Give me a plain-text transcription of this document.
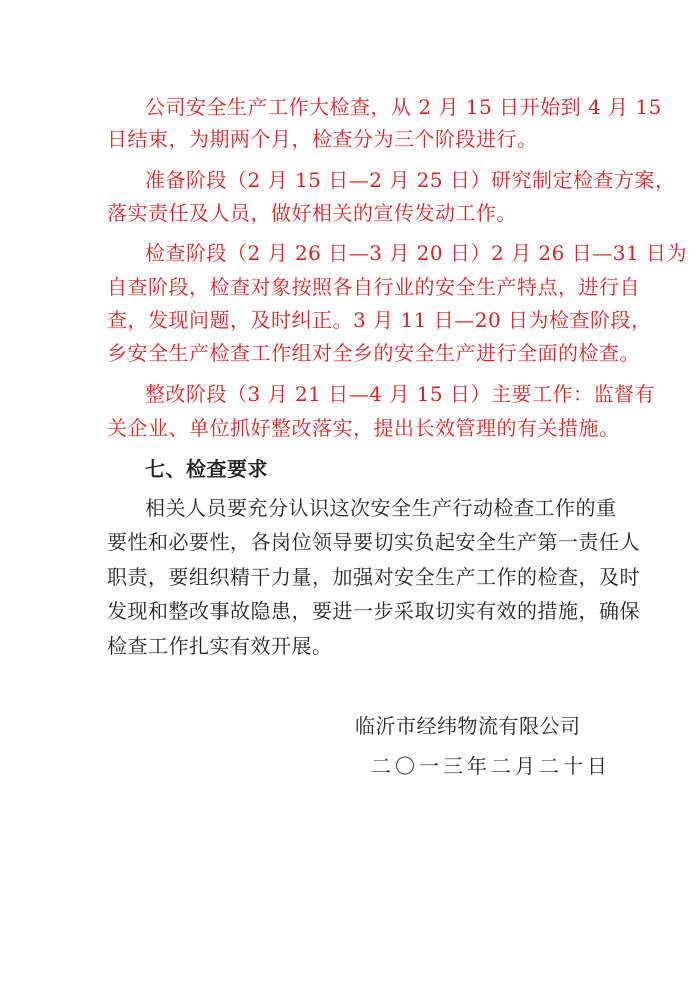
公司安全生产工作大检查，从 2 月 15 日开始到 4 月 15
日结束，为期两个月，检查分为三个阶段进行。
准备阶段（2 月 15 日—2 月 25 日）研究制定检查方案，
落实责任及人员，做好相关的宣传发动工作。
检查阶段（2 月 26 日—3 月 20 日）2 月 26 日—31 日为
自查阶段，检查对象按照各自行业的安全生产特点，进行自
查，发现问题，及时纠正。3 月 11 日—20 日为检查阶段，
乡安全生产检查工作组对全乡的安全生产进行全面的检查。
整改阶段（3 月 21 日—4 月 15 日）主要工作：监督有
关企业、单位抓好整改落实，提出长效管理的有关措施。
七、检查要求
相关人员要充分认识这次安全生产行动检查工作的重
要性和必要性，各岗位领导要切实负起安全生产第一责任人
职责，要组织精干力量，加强对安全生产工作的检查，及时
发现和整改事故隐患，要进一步采取切实有效的措施，确保
检查工作扎实有效开展。
临沂市经纬物流有限公司
二〇一三年二月二十日
